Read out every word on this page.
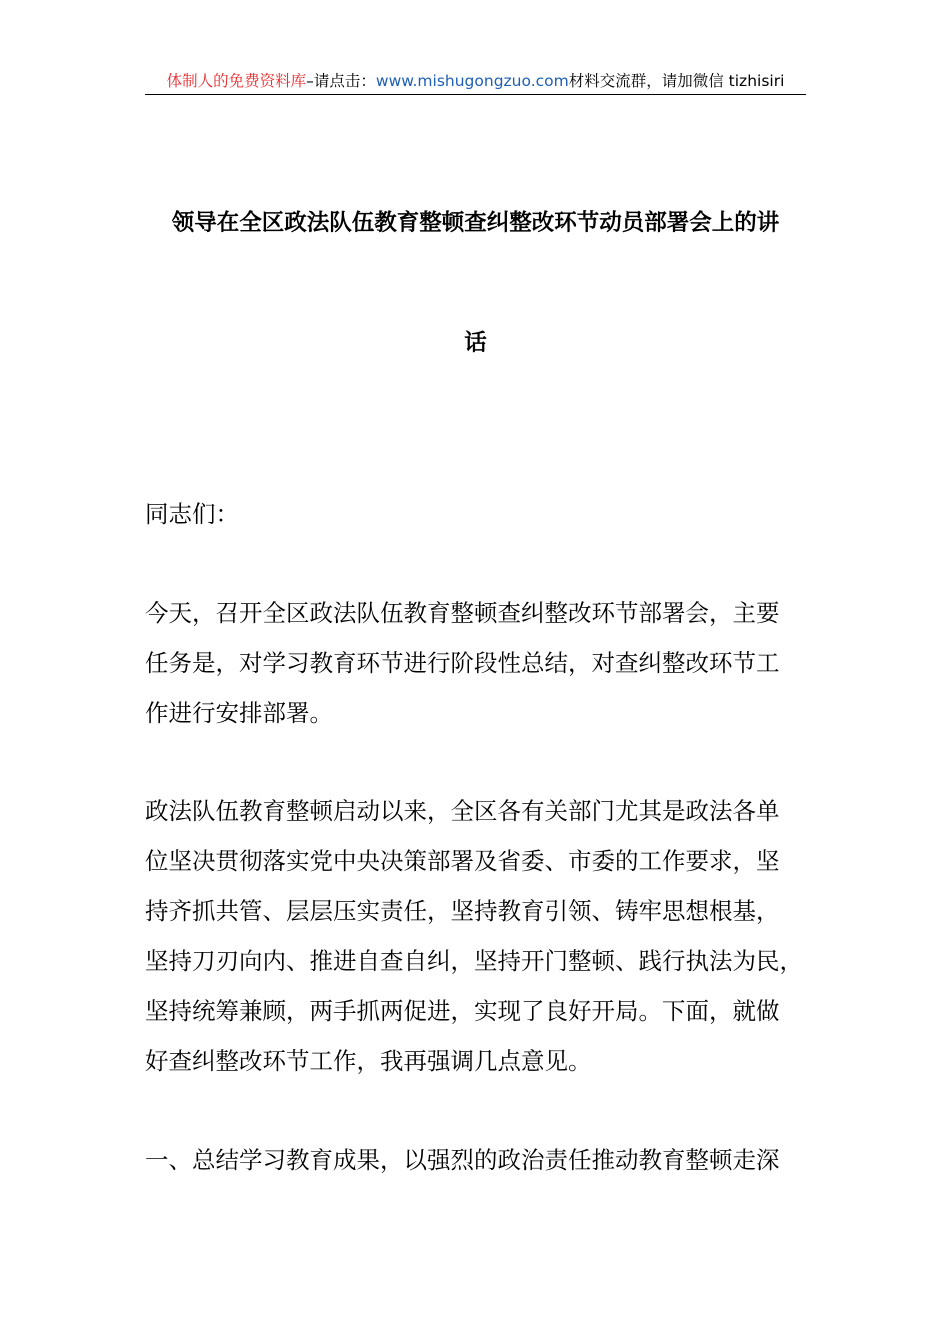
体制人的免费资料库–请点击：www.mishugongzuo.com材料交流群，请加微信 tizhisiri
领导在全区政法队伍教育整顿查纠整改环节动员部署会上的讲
话
同志们：
今天，召开全区政法队伍教育整顿查纠整改环节部署会，主要
任务是，对学习教育环节进行阶段性总结，对查纠整改环节工
作进行安排部署。
政法队伍教育整顿启动以来，全区各有关部门尤其是政法各单
位坚决贯彻落实党中央决策部署及省委、市委的工作要求，坚
持齐抓共管、层层压实责任，坚持教育引领、铸牢思想根基，
坚持刀刃向内、推进自查自纠，坚持开门整顿、践行执法为民，
坚持统筹兼顾，两手抓两促进，实现了良好开局。下面，就做
好查纠整改环节工作，我再强调几点意见。
一、总结学习教育成果，以强烈的政治责任推动教育整顿走深
